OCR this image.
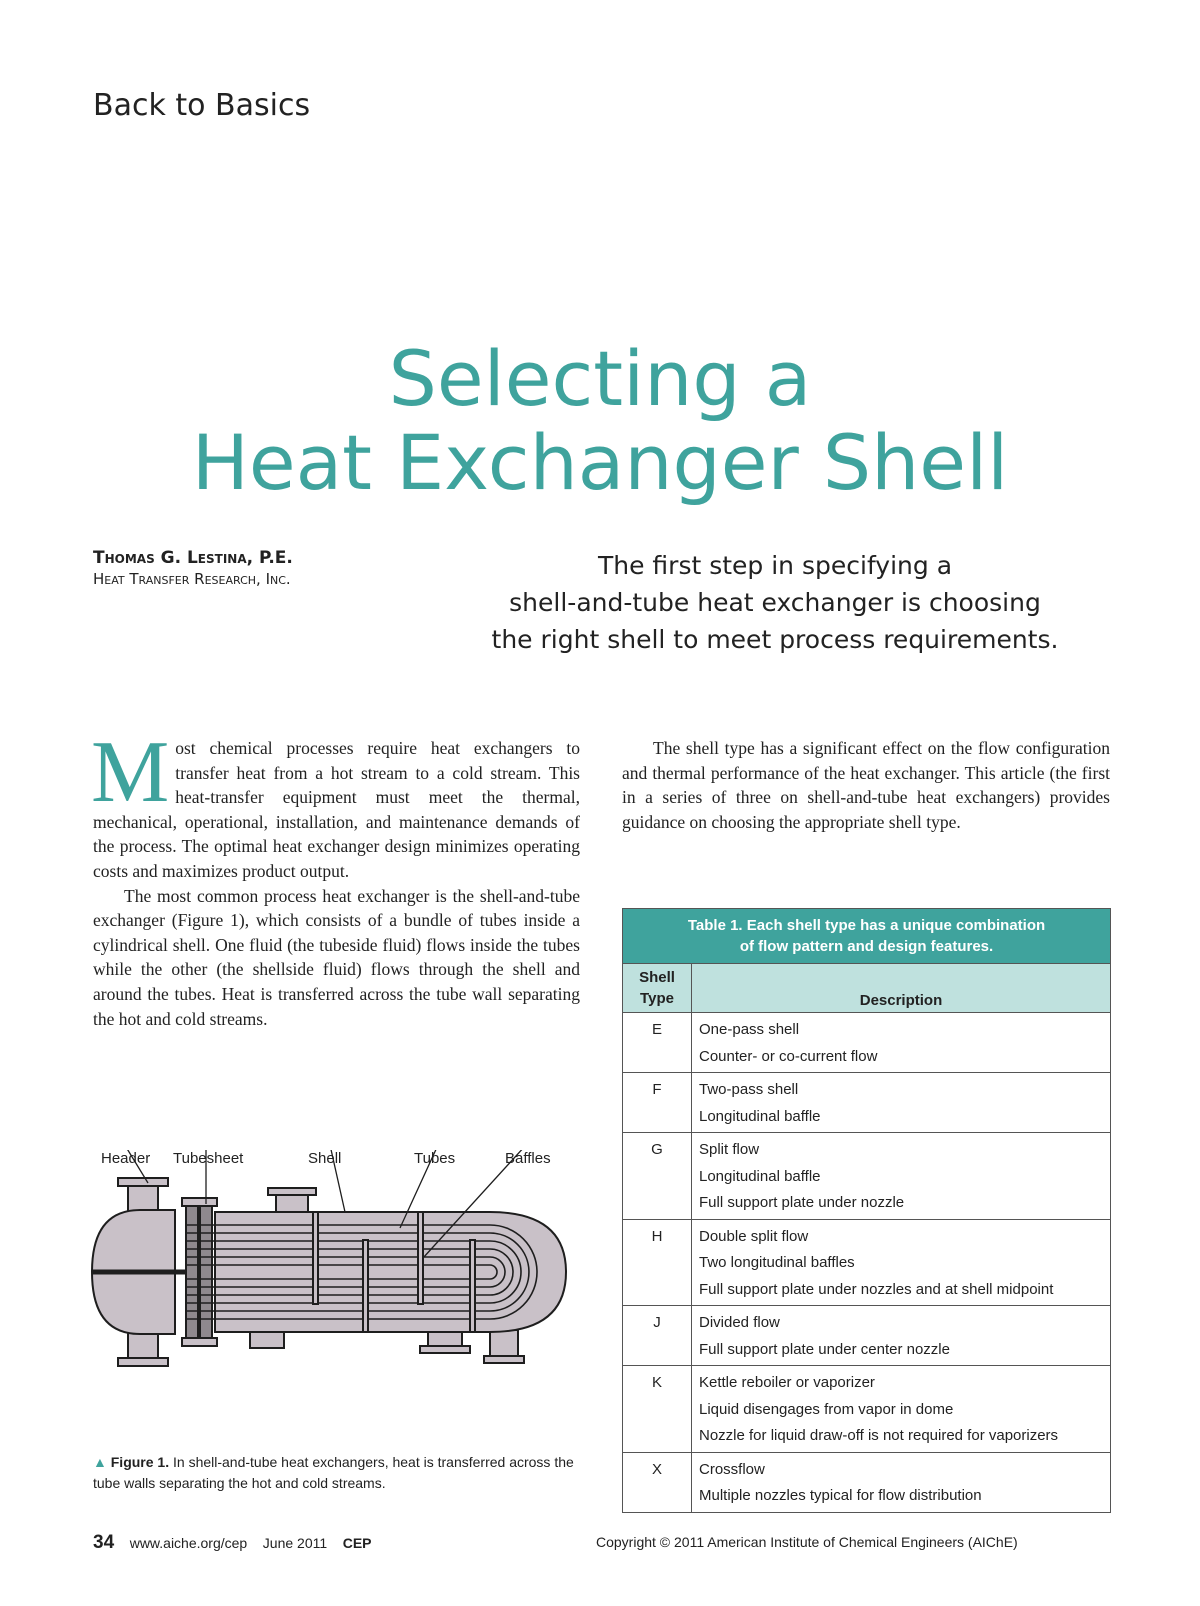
Back to Basics
Selecting a
Heat Exchanger Shell
Thomas G. Lestina, P.E.
Heat Transfer Research, Inc.	The first step in specifying a
shell-and-tube heat exchanger is choosing
the right shell to meet process requirements.

Most chemical processes require heat exchangers to transfer heat from a hot stream to a cold stream. This heat-transfer equipment must meet the thermal, mechanical, operational, installation, and maintenance demands of the process. The optimal heat exchanger design minimizes operating costs and maximizes product output.

The most common process heat exchanger is the shell-and-tube exchanger (Figure 1), which consists of a bundle of tubes inside a cylindrical shell. One fluid (the tubeside fluid) flows inside the tubes while the other (the shellside fluid) flows through the shell and around the tubes. Heat is transferred across the tube wall separating the hot and cold streams.

The shell type has a significant effect on the flow configuration and thermal performance of the heat exchanger. This article (the first in a series of three on shell-and-tube heat exchangers) provides guidance on choosing the appropriate shell type.

Header Tubesheet	Shell	Tubes	Baffles
▲ Figure 1. In shell-and-tube heat exchangers, heat is transferred across the tube walls separating the hot and cold streams.
Table 1. Each shell type has a unique combination
of flow pattern and design features.	

Shell
Type	Description
E	One-pass shell
Counter- or co-current flow

F	Two-pass shell
Longitudinal baffle

G	Split flow
Longitudinal baffle
Full support plate under nozzle

H	Double split flow
Two longitudinal baffles
Full support plate under nozzles and at shell midpoint

J	Divided flow
Full support plate under center nozzle

K	Kettle reboiler or vaporizer
Liquid disengages from vapor in dome
Nozzle for liquid draw-off is not required for vaporizers

X	Crossflow
Multiple nozzles typical for flow distribution
34 www.aiche.org/cep June 2011 CEP	Copyright © 2011 American Institute of Chemical Engineers (AIChE)
